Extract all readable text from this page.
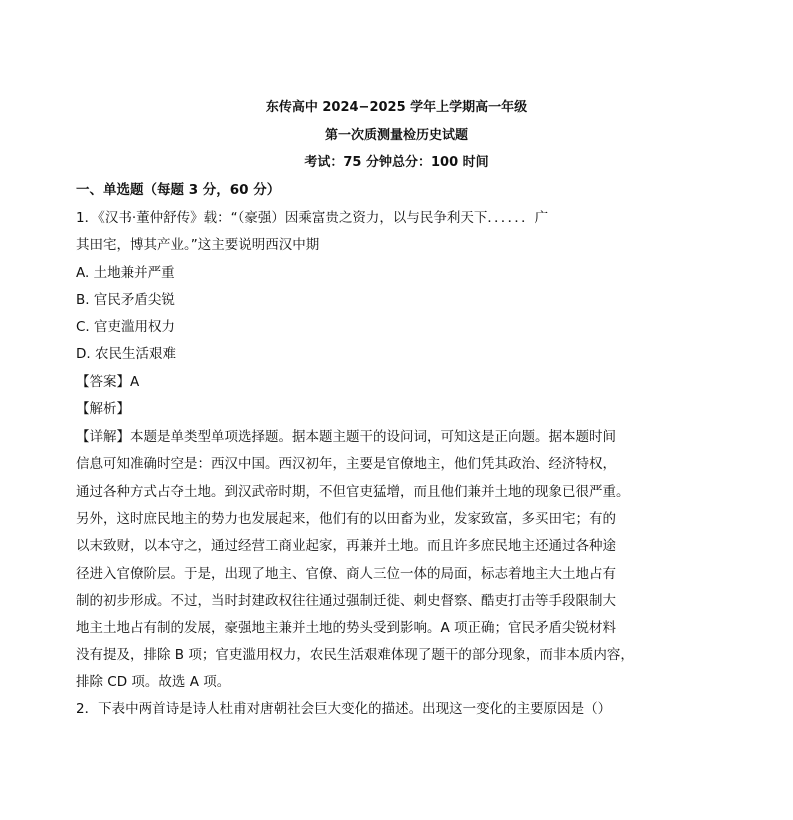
东传高中 2024−2025 学年上学期高一年级
第一次质测量检历史试题
考试：75 分钟总分：100 时间
一、单选题（每题 3 分，60 分）
1．《汉书·董仲舒传》载：“（豪强）因乘富贵之资力，以与民争利天下．．．．．．广
其田宅，博其产业。”这主要说明西汉中期
A. 土地兼并严重
B. 官民矛盾尖锐
C. 官吏滥用权力
D. 农民生活艰难
【答案】A
【解析】
【详解】本题是单类型单项选择题。据本题主题干的设问词，可知这是正向题。据本题时间
信息可知准确时空是：西汉中国。西汉初年，主要是官僚地主，他们凭其政治、经济特权，
通过各种方式占夺土地。到汉武帝时期，不但官吏猛增，而且他们兼并土地的现象已很严重。
另外，这时庶民地主的势力也发展起来，他们有的以田畜为业，发家致富，多买田宅；有的
以末致财，以本守之，通过经营工商业起家，再兼并土地。而且许多庶民地主还通过各种途
径进入官僚阶层。于是，出现了地主、官僚、商人三位一体的局面，标志着地主大土地占有
制的初步形成。不过，当时封建政权往往通过强制迁徙、刺史督察、酷吏打击等手段限制大
地主土地占有制的发展，豪强地主兼并土地的势头受到影响。A 项正确；官民矛盾尖锐材料
没有提及，排除 B 项；官吏滥用权力，农民生活艰难体现了题干的部分现象，而非本质内容，
排除 CD 项。故选 A 项。
2．下表中两首诗是诗人杜甫对唐朝社会巨大变化的描述。出现这一变化的主要原因是（）
